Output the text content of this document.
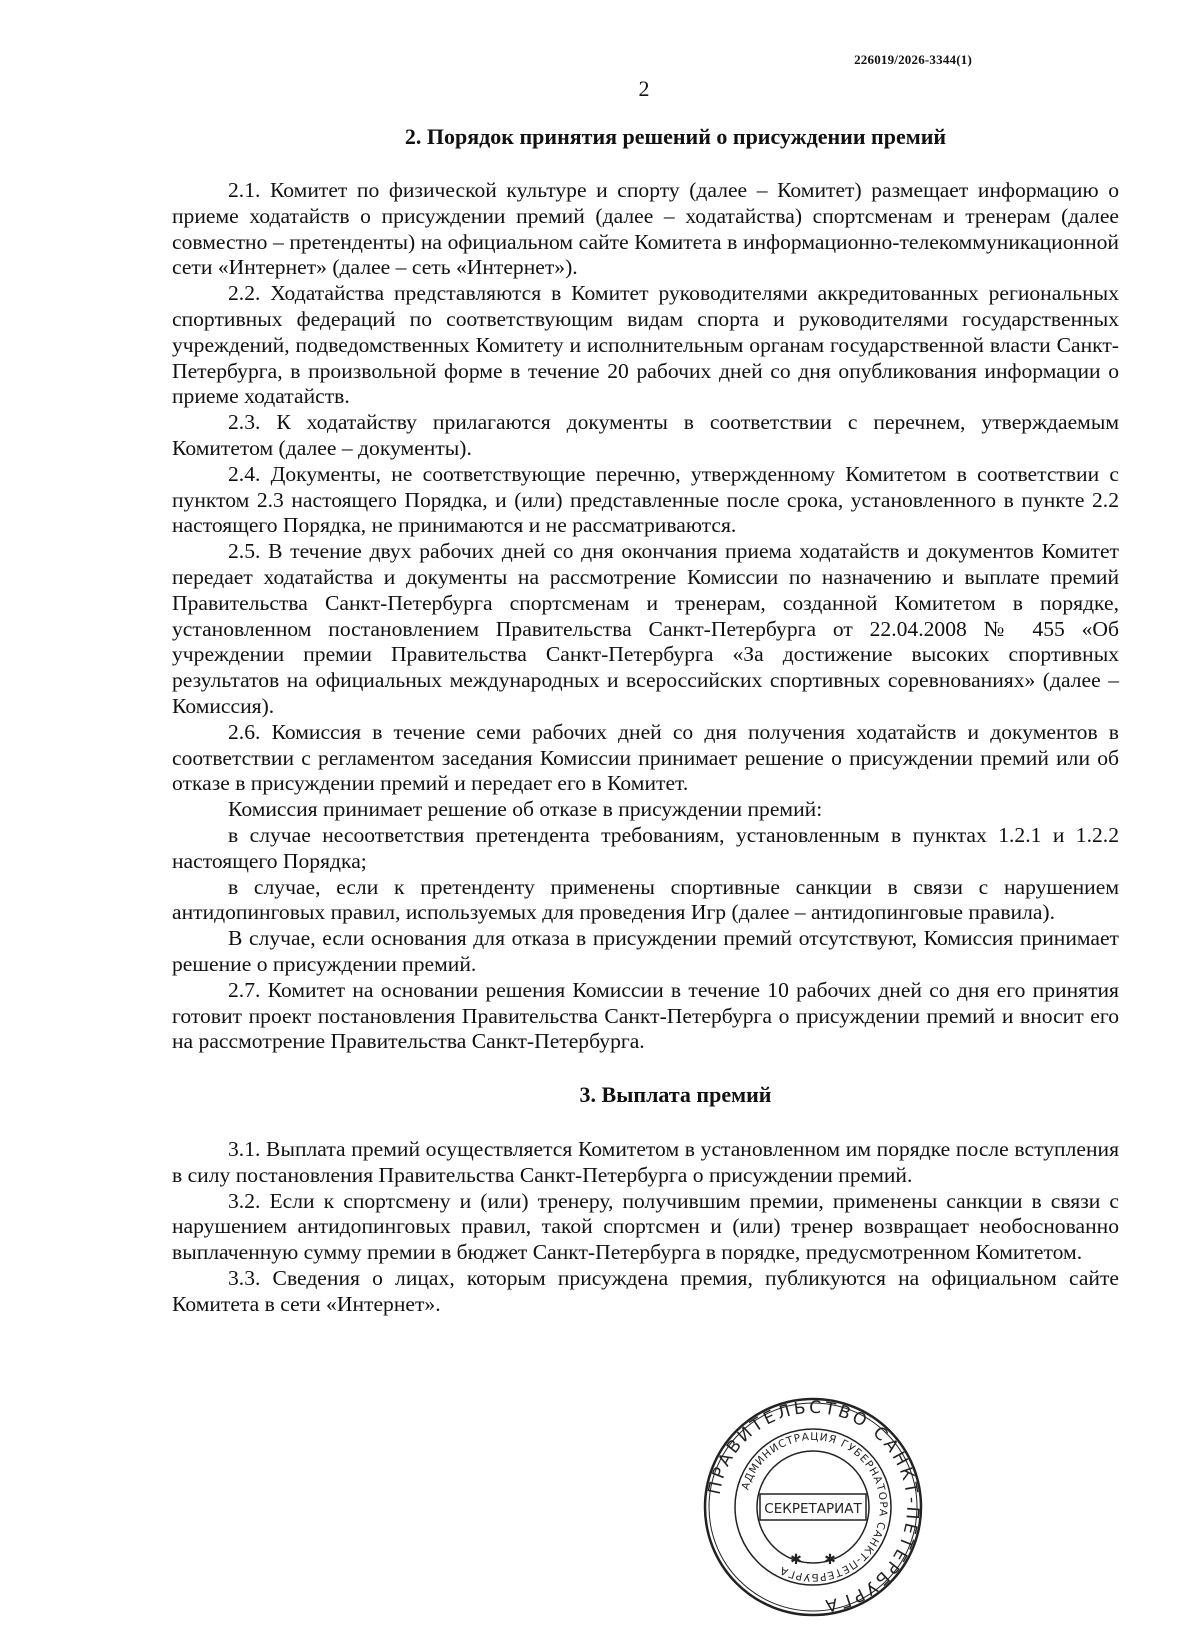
226019/2026-3344(1)
2
2. Порядок принятия решений о присуждении премий

2.1. Комитет по физической культуре и спорту (далее – Комитет) размещает информацию о приеме ходатайств о присуждении премий (далее – ходатайства) спортсменам и тренерам (далее совместно – претенденты) на официальном сайте Комитета в информационно-телекоммуникационной сети «Интернет» (далее – сеть «Интернет»).

2.2. Ходатайства представляются в Комитет руководителями аккредитованных региональных спортивных федераций по соответствующим видам спорта и руководителями государственных учреждений, подведомственных Комитету и исполнительным органам государственной власти Санкт-Петербурга, в произвольной форме в течение 20 рабочих дней со дня опубликования информации о приеме ходатайств.

2.3. К ходатайству прилагаются документы в соответствии с перечнем, утверждаемым Комитетом (далее – документы).

2.4. Документы, не соответствующие перечню, утвержденному Комитетом в соответствии с пунктом 2.3 настоящего Порядка, и (или) представленные после срока, установленного в пункте 2.2 настоящего Порядка, не принимаются и не рассматриваются.

2.5. В течение двух рабочих дней со дня окончания приема ходатайств и документов Комитет передает ходатайства и документы на рассмотрение Комиссии по назначению и выплате премий Правительства Санкт-Петербурга спортсменам и тренерам, созданной Комитетом в порядке, установленном постановлением Правительства Санкт-Петербурга от 22.04.2008 № 455 «Об учреждении премии Правительства Санкт-Петербурга «За достижение высоких спортивных результатов на официальных международных и всероссийских спортивных соревнованиях» (далее – Комиссия).

2.6. Комиссия в течение семи рабочих дней со дня получения ходатайств и документов в соответствии с регламентом заседания Комиссии принимает решение о присуждении премий или об отказе в присуждении премий и передает его в Комитет.

Комиссия принимает решение об отказе в присуждении премий:

в случае несоответствия претендента требованиям, установленным в пунктах 1.2.1 и 1.2.2 настоящего Порядка;

в случае, если к претенденту применены спортивные санкции в связи с нарушением антидопинговых правил, используемых для проведения Игр (далее – антидопинговые правила).

В случае, если основания для отказа в присуждении премий отсутствуют, Комиссия принимает решение о присуждении премий.

2.7. Комитет на основании решения Комиссии в течение 10 рабочих дней со дня его принятия готовит проект постановления Правительства Санкт-Петербурга о присуждении премий и вносит его на рассмотрение Правительства Санкт-Петербурга.

3. Выплата премий

3.1. Выплата премий осуществляется Комитетом в установленном им порядке после вступления в силу постановления Правительства Санкт-Петербурга о присуждении премий.

3.2. Если к спортсмену и (или) тренеру, получившим премии, применены санкции в связи с нарушением антидопинговых правил, такой спортсмен и (или) тренер возвращает необоснованно выплаченную сумму премии в бюджет Санкт-Петербурга в порядке, предусмотренном Комитетом.

3.3. Сведения о лицах, которым присуждена премия, публикуются на официальном сайте Комитета в сети «Интернет».

ПРАВИТЕЛЬСТВО САНКТ-ПЕТЕРБУРГА
АДМИНИСТРАЦИЯ ГУБЕРНАТОРА САНКТ-ПЕТЕРБУРГА
СЕКРЕТАРИАТ
✱ ✱
